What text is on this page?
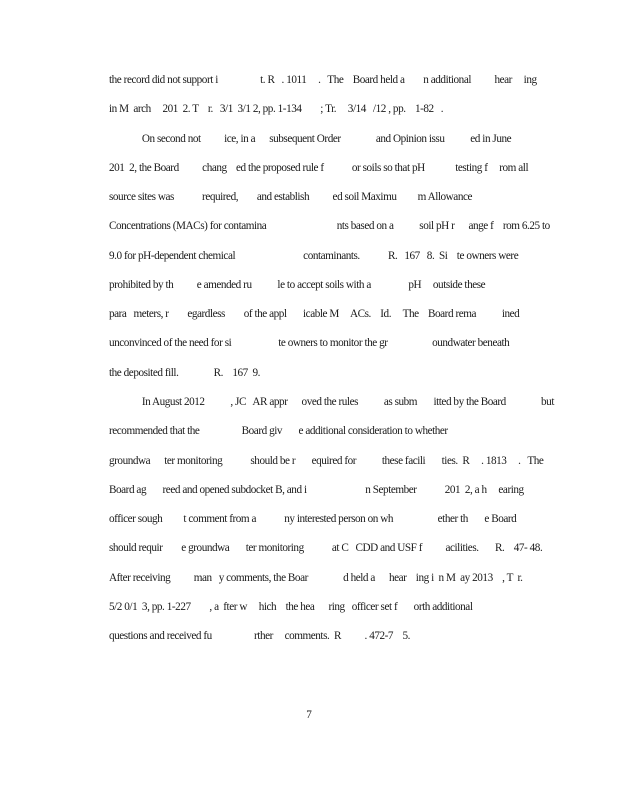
the record did not support i                  t. R   . 1011     .   The    Board held a        n additional          hear     ing
in M  arch     201  2. T    r.   3/1  3/1 2, pp. 1-134        ; Tr.     3/14   /12 , pp.    1-82   .
On second not          ice, in a      subsequent Order               and Opinion issu           ed in June
201  2, the Board          chang    ed the proposed rule f            or soils so that pH             testing f     rom all
source sites was            required,        and establish          ed soil Maximu         m Allowance
Concentrations (MACs) for contamina                              nts based on a           soil pH r      ange f    rom 6.25 to
9.0 for pH-dependent chemical                             contaminants.            R.   167   8.  Si    te owners were
prohibited by th          e amended ru           le to accept soils with a                pH     outside these
para   meters, r        egardless        of the appl       icable M     ACs.    Id.     The    Board rema           ined
unconvinced of the need for si                    te owners to monitor the gr                   oundwater beneath
the deposited fill.               R.    167  9.
In August 2012           , JC   AR appr      oved the rules           as subm       itted by the Board               but
recommended that the                  Board giv       e additional consideration to whether
groundwa      ter monitoring            should be r       equired for           these facili       ties.  R     . 1813     .   The
Board ag       reed and opened subdocket B, and i                         n September            201  2, a h     earing
officer sough         t comment from a            ny interested person on wh                   ether th       e Board
should requir        e groundwa       ter monitoring            at C   CDD and USF f          acilities.       R.    47- 48.
After receiving          man   y comments, the Boar               d held a      hear    ing i  n M  ay 2013    , T  r.
5/2 0/1  3, pp. 1-227        , a  fter w     hich    the hea      ring   officer set f       orth additional
questions and received fu                  rther     comments.  R          . 472-7    5.
7
